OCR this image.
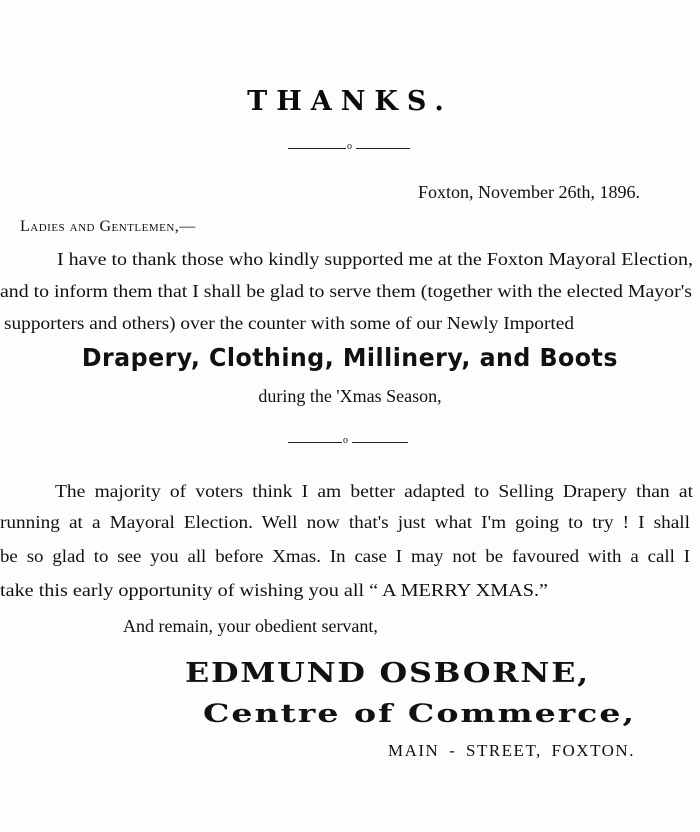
THANKS.
o
Foxton, November 26th, 1896.
Ladies and Gentlemen,—
I have to thank those who kindly supported me at the Foxton Mayoral Election,
and to inform them that I shall be glad to serve them (together with the elected Mayor's
supporters and others) over the counter with some of our Newly Imported
Drapery, Clothing, Millinery, and Boots
during the 'Xmas Season,
o
The majority of voters think I am better adapted to Selling Drapery than at
running at a Mayoral Election. Well now that's just what I'm going to try ! I shall
be so glad to see you all before Xmas. In case I may not be favoured with a call I
take this early opportunity of wishing you all “ A MERRY XMAS.”
And remain, your obedient servant,
EDMUND OSBORNE,
Centre of Commerce,
MAIN - STREET, FOXTON.
